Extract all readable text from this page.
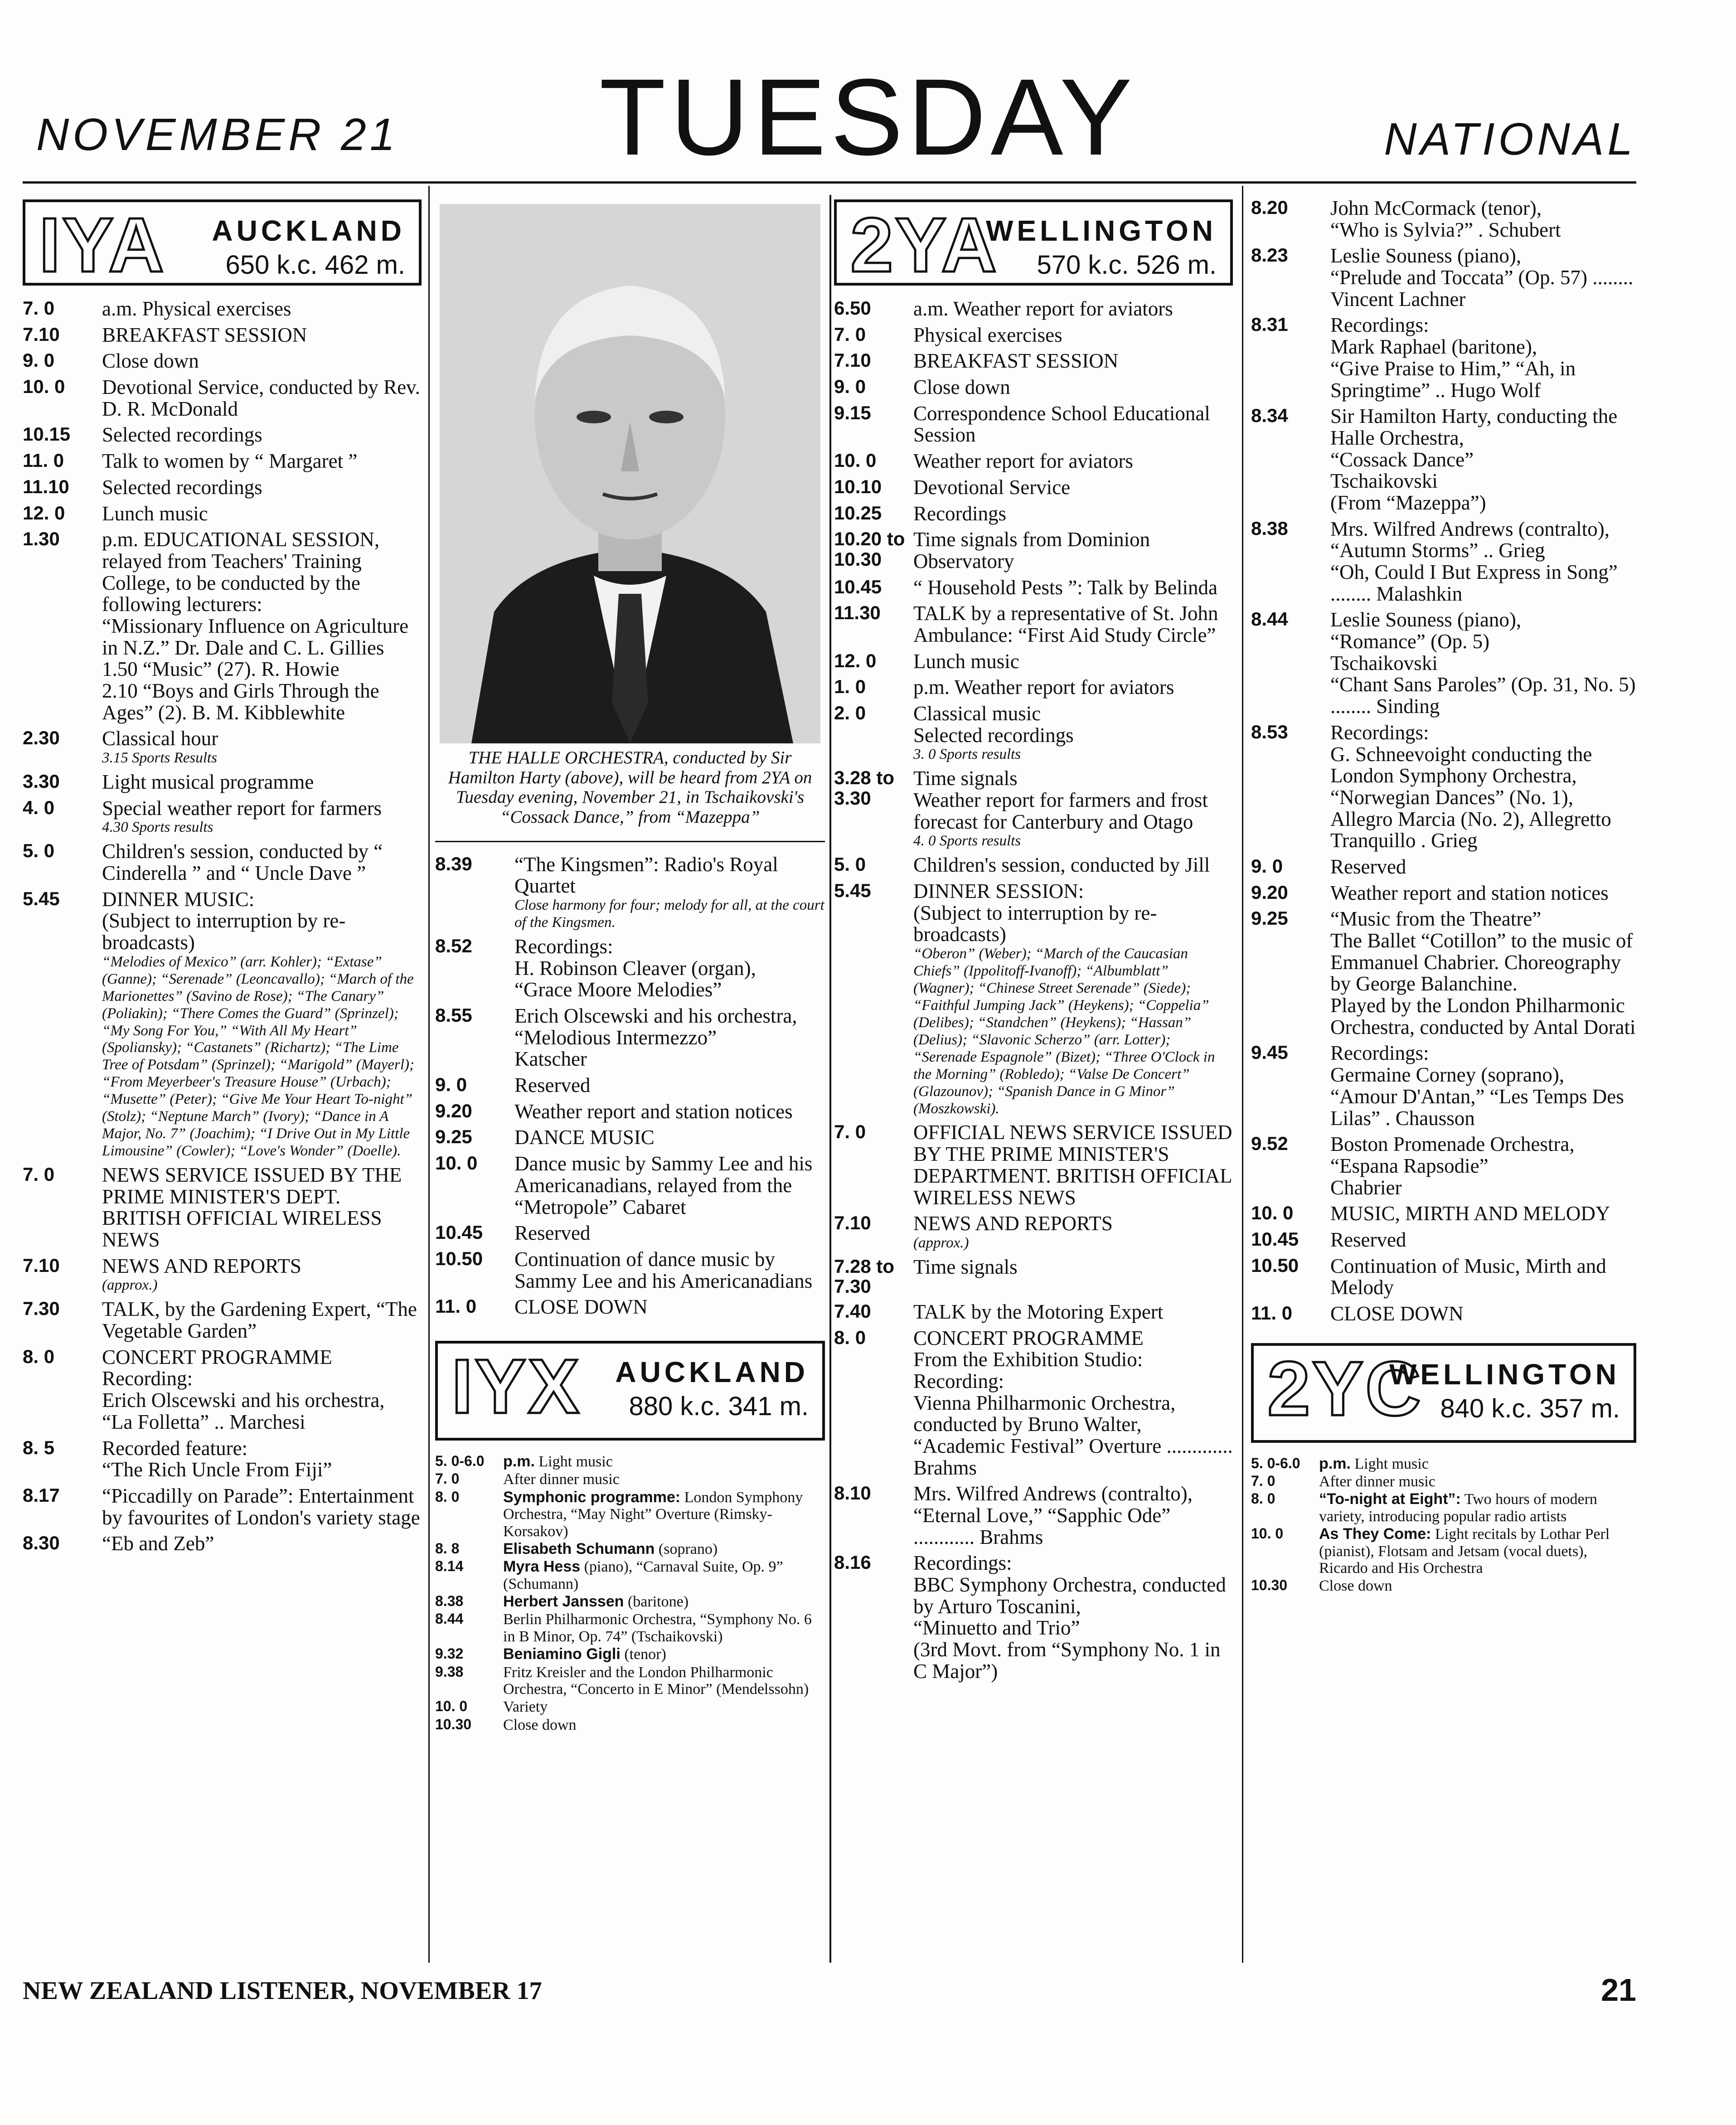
NOVEMBER 21	TUESDAY	NATIONAL
IYA AUCKLAND
650 k.c. 462 m.
7. 0	a.m. Physical exercises
7.10	BREAKFAST SESSION
9. 0	Close down
10. 0	Devotional Service, conducted by Rev. D. R. McDonald
10.15	Selected recordings
11. 0	Talk to women by “ Margaret ”
11.10	Selected recordings
12. 0	Lunch music
1.30	p.m. EDUCATIONAL SESSION, relayed from Teachers' Training College, to be conducted by the following lecturers:
“Missionary Influence on Agriculture in N.Z.” Dr. Dale and C. L. Gillies
1.50 “Music” (27). R. Howie
2.10 “Boys and Girls Through the Ages” (2). B. M. Kibblewhite
2.30	Classical hour
3.15 Sports Results
3.30	Light musical programme
4. 0	Special weather report for farmers
4.30 Sports results
5. 0	Children's session, conducted by “ Cinderella ” and “ Uncle Dave ”
5.45	DINNER MUSIC:
(Subject to interruption by re-broadcasts)
“Melodies of Mexico” (arr. Kohler); “Extase” (Ganne); “Serenade” (Leoncavallo); “March of the Marionettes” (Savino de Rose); “The Canary” (Poliakin); “There Comes the Guard” (Sprinzel); “My Song For You,” “With All My Heart” (Spoliansky); “Castanets” (Richartz); “The Lime Tree of Potsdam” (Sprinzel); “Marigold” (Mayerl); “From Meyerbeer's Treasure House” (Urbach); “Musette” (Peter); “Give Me Your Heart To-night” (Stolz); “Neptune March” (Ivory); “Dance in A Major, No. 7” (Joachim); “I Drive Out in My Little Limousine” (Cowler); “Love's Wonder” (Doelle).
7. 0	NEWS SERVICE ISSUED BY THE PRIME MINISTER'S DEPT. BRITISH OFFICIAL WIRELESS NEWS
7.10	NEWS AND REPORTS
(approx.)
7.30	TALK, by the Gardening Expert, “The Vegetable Garden”
8. 0	CONCERT PROGRAMME
Recording:
Erich Olscewski and his orchestra,
“La Folletta” .. Marchesi
8. 5	Recorded feature:
“The Rich Uncle From Fiji”
8.17	“Piccadilly on Parade”: Entertainment by favourites of London's variety stage
8.30	“Eb and Zeb”
THE HALLE ORCHESTRA, conducted by Sir Hamilton Harty (above), will be heard from 2YA on Tuesday evening, November 21, in Tschaikovski's “Cossack Dance,” from “Mazeppa”
8.39	“The Kingsmen”: Radio's Royal Quartet
Close harmony for four; melody for all, at the court of the Kingsmen.
8.52	Recordings:
H. Robinson Cleaver (organ),
“Grace Moore Melodies”
8.55	Erich Olscewski and his orchestra,
“Melodious Intermezzo”
Katscher
9. 0	Reserved
9.20	Weather report and station notices
9.25	DANCE MUSIC
10. 0	Dance music by Sammy Lee and his Americanadians, relayed from the “Metropole” Cabaret
10.45	Reserved
10.50	Continuation of dance music by Sammy Lee and his Americanadians
11. 0	CLOSE DOWN
IYX AUCKLAND
880 k.c. 341 m.
5. 0-6.0	p.m. Light music
7. 0	After dinner music
8. 0	Symphonic programme: London Symphony Orchestra, “May Night” Overture (Rimsky-Korsakov)
8. 8	Elisabeth Schumann (soprano)
8.14	Myra Hess (piano), “Carnaval Suite, Op. 9” (Schumann)
8.38	Herbert Janssen (baritone)
8.44	Berlin Philharmonic Orchestra, “Symphony No. 6 in B Minor, Op. 74” (Tschaikovski)
9.32	Beniamino Gigli (tenor)
9.38	Fritz Kreisler and the London Philharmonic Orchestra, “Concerto in E Minor” (Mendelssohn)
10. 0	Variety
10.30	Close down
2YA
WELLINGTON
570 k.c. 526 m.
6.50	a.m. Weather report for aviators
7. 0	Physical exercises
7.10	BREAKFAST SESSION
9. 0	Close down
9.15	Correspondence School Educational Session
10. 0	Weather report for aviators
10.10	Devotional Service
10.25	Recordings
10.20 to 10.30
Time signals from Dominion Observatory
10.45	“ Household Pests ”: Talk by Belinda
11.30	TALK by a representative of St. John Ambulance: “First Aid Study Circle”
12. 0	Lunch music
1. 0	p.m. Weather report for aviators
2. 0	Classical music
Selected recordings
3. 0 Sports results
3.28 to 3.30
Time signals
Weather report for farmers and frost forecast for Canterbury and Otago
4. 0 Sports results
5. 0	Children's session, conducted by Jill
5.45	DINNER SESSION:
(Subject to interruption by re-broadcasts)
“Oberon” (Weber); “March of the Caucasian Chiefs” (Ippolitoff-Ivanoff); “Albumblatt” (Wagner); “Chinese Street Serenade” (Siede); “Faithful Jumping Jack” (Heykens); “Coppelia” (Delibes); “Standchen” (Heykens); “Hassan” (Delius); “Slavonic Scherzo” (arr. Lotter); “Serenade Espagnole” (Bizet); “Three O'Clock in the Morning” (Robledo); “Valse De Concert” (Glazounov); “Spanish Dance in G Minor” (Moszkowski).
7. 0	OFFICIAL NEWS SERVICE ISSUED BY THE PRIME MINISTER'S DEPARTMENT. BRITISH OFFICIAL WIRELESS NEWS
7.10	NEWS AND REPORTS
(approx.)
7.28 to 7.30
Time signals
7.40	TALK by the Motoring Expert
8. 0	CONCERT PROGRAMME
From the Exhibition Studio:
Recording:
Vienna Philharmonic Orchestra, conducted by Bruno Walter,
“Academic Festival” Overture ............. Brahms
8.10	Mrs. Wilfred Andrews (contralto),
“Eternal Love,” “Sapphic Ode” ............ Brahms
8.16	Recordings:
BBC Symphony Orchestra, conducted by Arturo Toscanini,
“Minuetto and Trio”
(3rd Movt. from “Symphony No. 1 in C Major”)
8.20	John McCormack (tenor),
“Who is Sylvia?” . Schubert
8.23	Leslie Souness (piano),
“Prelude and Toccata” (Op. 57) ........ Vincent Lachner
8.31	Recordings:
Mark Raphael (baritone),
“Give Praise to Him,” “Ah, in Springtime” .. Hugo Wolf
8.34	Sir Hamilton Harty, conducting the Halle Orchestra,
“Cossack Dance”
Tschaikovski
(From “Mazeppa”)
8.38	Mrs. Wilfred Andrews (contralto),
“Autumn Storms” .. Grieg
“Oh, Could I But Express in Song” ........ Malashkin
8.44	Leslie Souness (piano),
“Romance” (Op. 5)
Tschaikovski
“Chant Sans Paroles” (Op. 31, No. 5) ........ Sinding
8.53	Recordings:
G. Schneevoight conducting the London Symphony Orchestra,
“Norwegian Dances” (No. 1), Allegro Marcia (No. 2), Allegretto Tranquillo . Grieg
9. 0	Reserved
9.20	Weather report and station notices
9.25	“Music from the Theatre”
The Ballet “Cotillon” to the music of Emmanuel Chabrier. Choreography by George Balanchine.
Played by the London Philharmonic Orchestra, conducted by Antal Dorati
9.45	Recordings:
Germaine Corney (soprano),
“Amour D'Antan,” “Les Temps Des Lilas” . Chausson
9.52	Boston Promenade Orchestra,
“Espana Rapsodie”
Chabrier
10. 0	MUSIC, MIRTH AND MELODY
10.45	Reserved
10.50	Continuation of Music, Mirth and Melody
11. 0	CLOSE DOWN
2YC
WELLINGTON
840 k.c. 357 m.
5. 0-6.0	p.m. Light music
7. 0	After dinner music
8. 0	“To-night at Eight”: Two hours of modern variety, introducing popular radio artists
10. 0	As They Come: Light recitals by Lothar Perl (pianist), Flotsam and Jetsam (vocal duets), Ricardo and His Orchestra
10.30	Close down
NEW ZEALAND LISTENER, NOVEMBER 17	21
